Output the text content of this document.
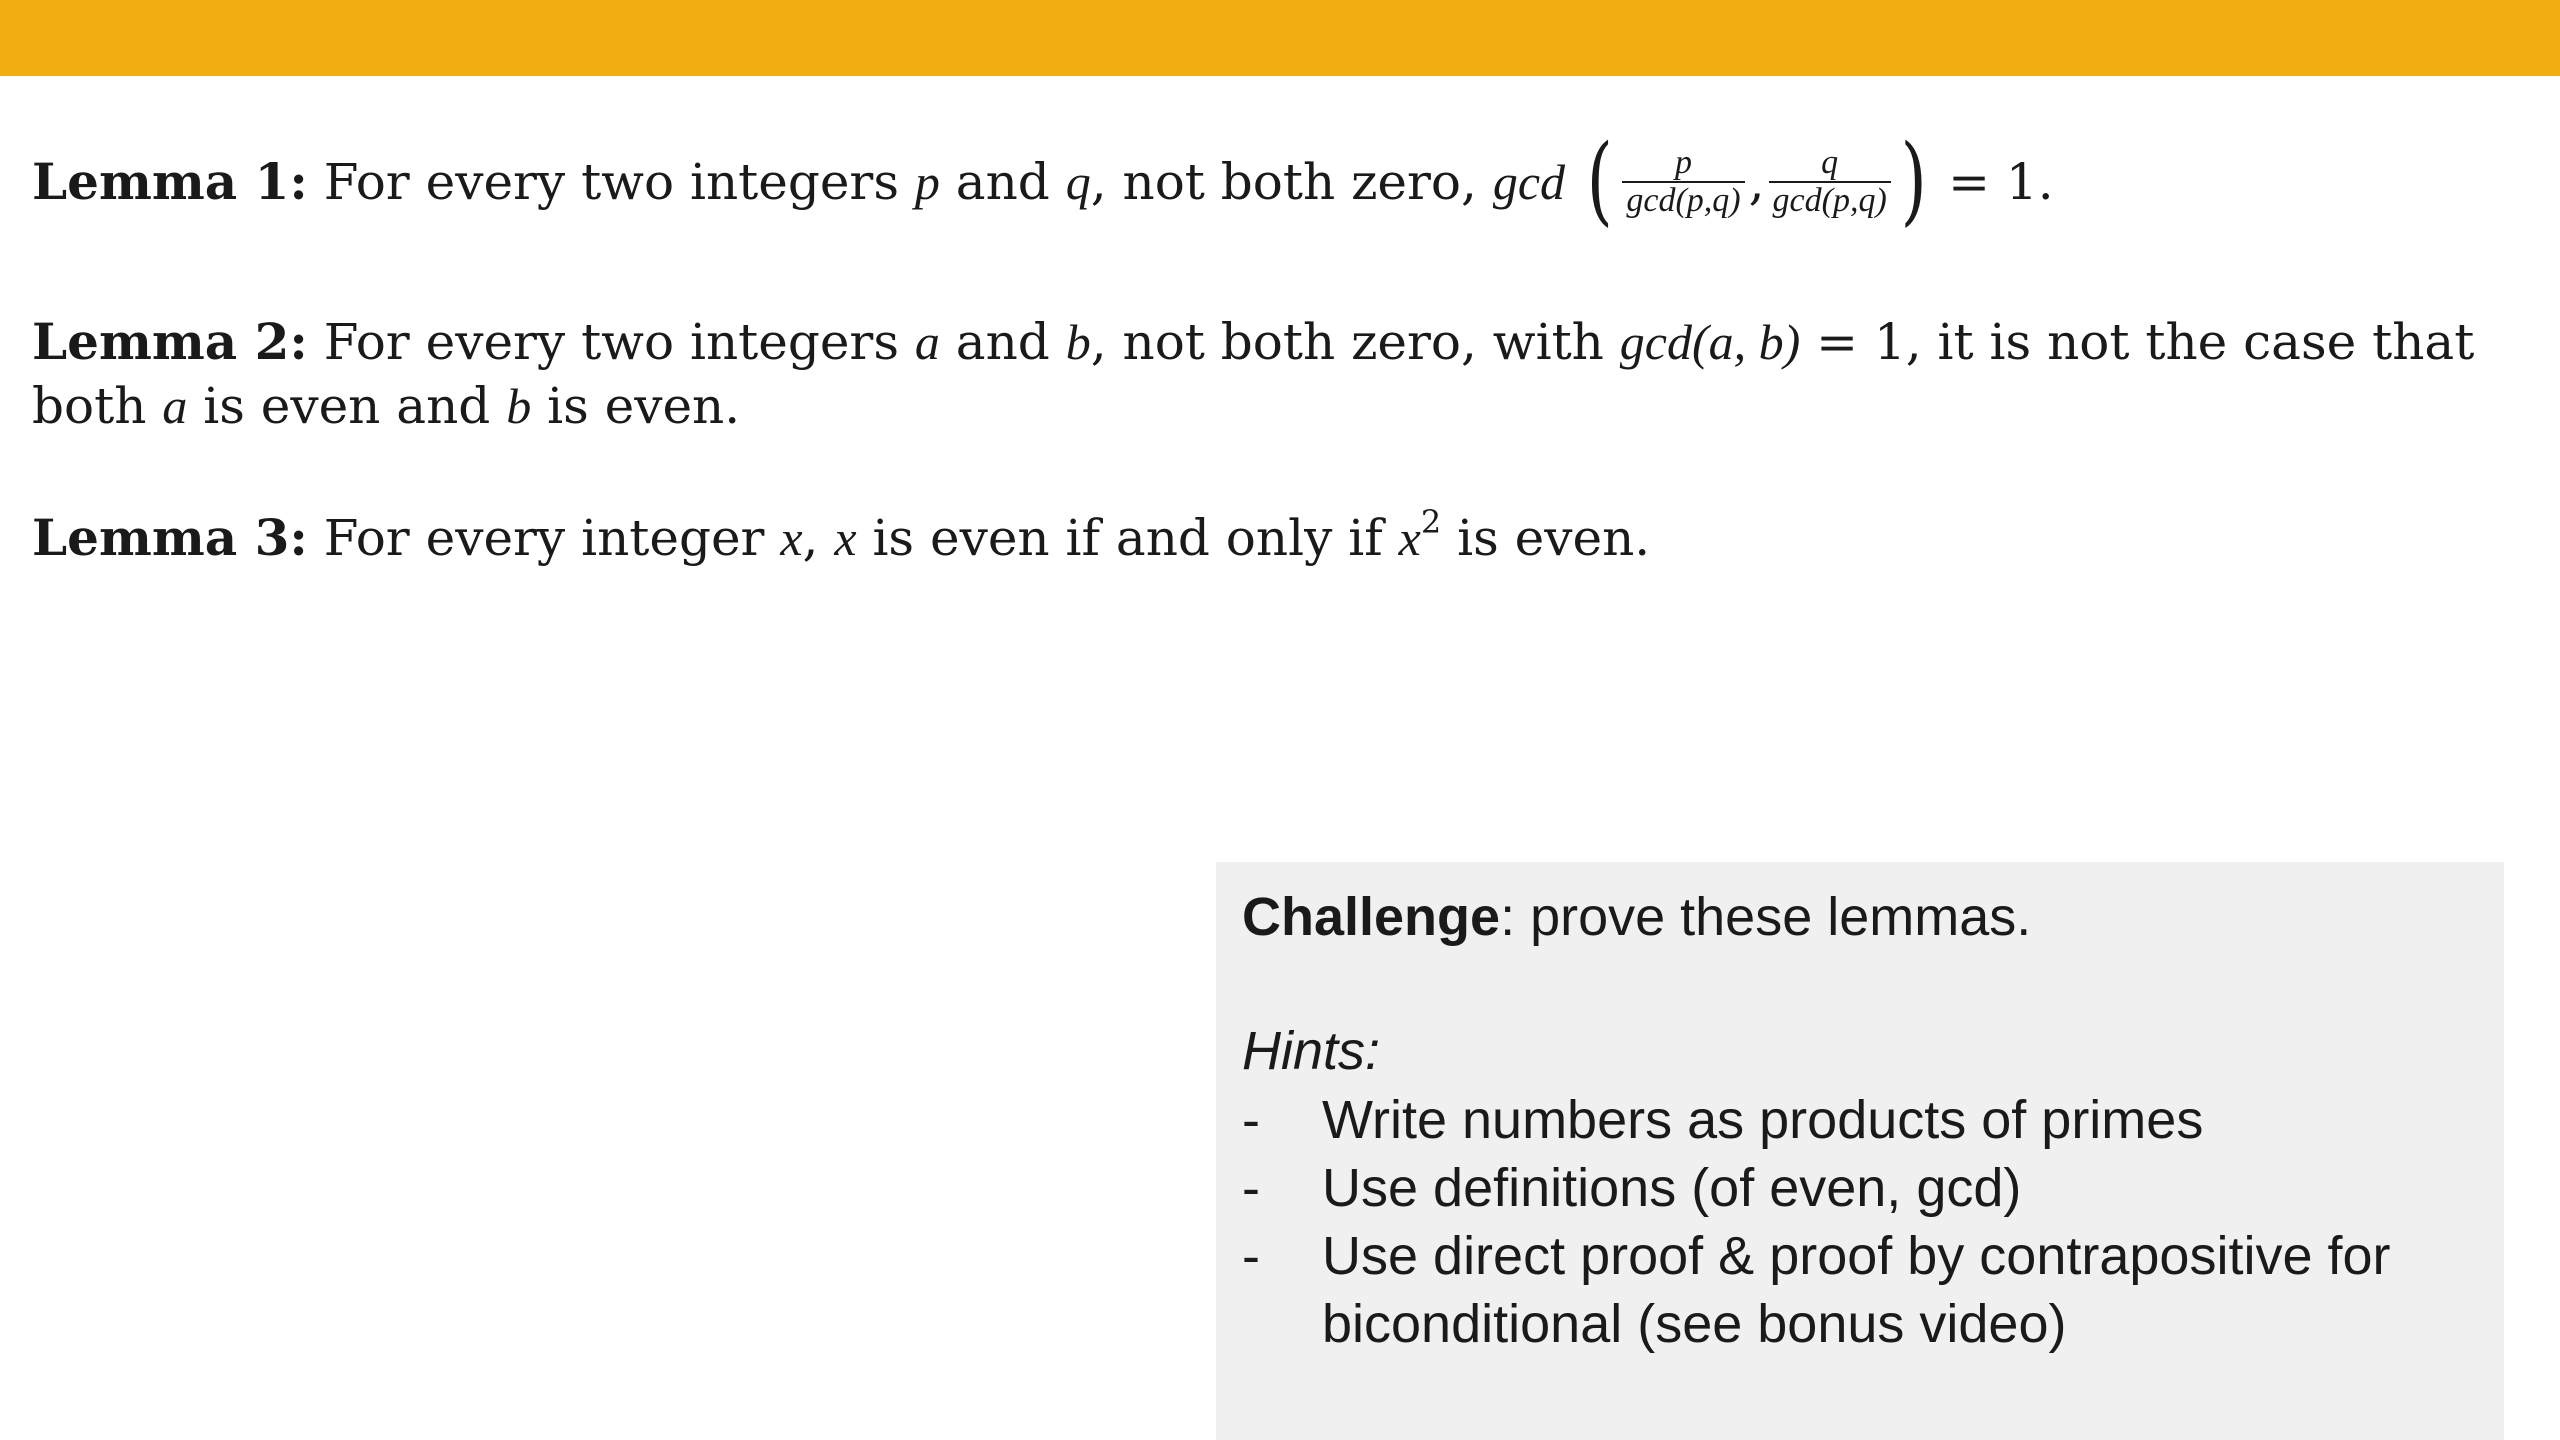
Lemma 1: For every two integers p and q, not both zero, gcd ( $\frac{p}{\gcd(p,q)}$ , $\frac{q}{\gcd(p,q)}$ ) = 1.
Lemma 2: For every two integers a and b, not both zero, with gcd(a, b) = 1, it is not the case that both a is even and b is even.
Lemma 3: For every integer x, x is even if and only if $x^2$ is even.
Challenge: prove these lemmas.
Hints:
- Write numbers as products of primes
- Use definitions (of even, gcd)
- Use direct proof & proof by contrapositive for biconditional (see bonus video)
